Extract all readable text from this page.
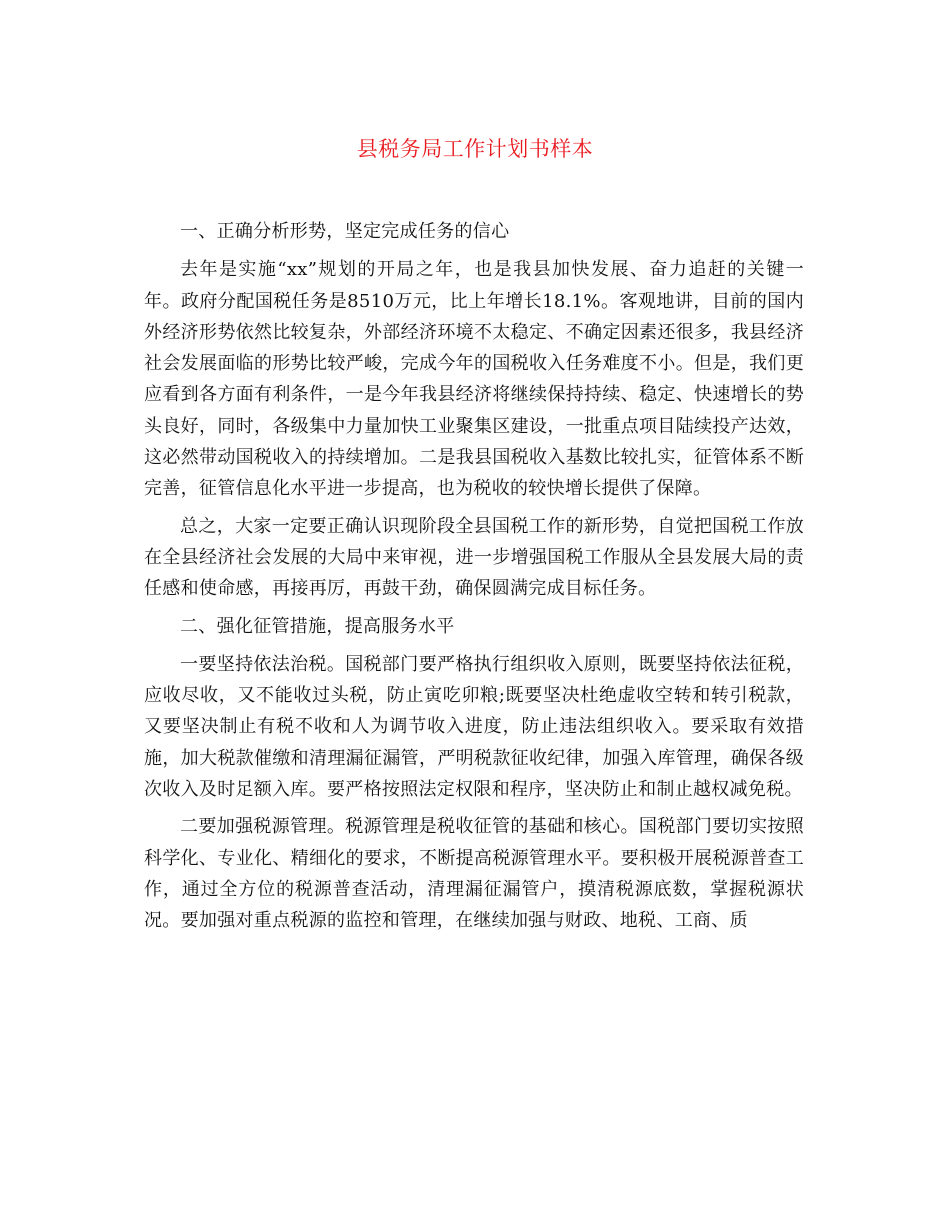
县税务局工作计划书样本

一、正确分析形势，坚定完成任务的信心

去年是实施“xx”规划的开局之年，也是我县加快发展、奋力追赶的关键一年。政府分配国税任务是8510万元，比上年增长18.1%。客观地讲，目前的国内外经济形势依然比较复杂，外部经济环境不太稳定、不确定因素还很多，我县经济社会发展面临的形势比较严峻，完成今年的国税收入任务难度不小。但是，我们更应看到各方面有利条件，一是今年我县经济将继续保持持续、稳定、快速增长的势头良好，同时，各级集中力量加快工业聚集区建设，一批重点项目陆续投产达效，这必然带动国税收入的持续增加。二是我县国税收入基数比较扎实，征管体系不断完善，征管信息化水平进一步提高，也为税收的较快增长提供了保障。

总之，大家一定要正确认识现阶段全县国税工作的新形势，自觉把国税工作放在全县经济社会发展的大局中来审视，进一步增强国税工作服从全县发展大局的责任感和使命感，再接再厉，再鼓干劲，确保圆满完成目标任务。

二、强化征管措施，提高服务水平

一要坚持依法治税。国税部门要严格执行组织收入原则，既要坚持依法征税，应收尽收，又不能收过头税，防止寅吃卯粮;既要坚决杜绝虚收空转和转引税款，又要坚决制止有税不收和人为调节收入进度，防止违法组织收入。要采取有效措施，加大税款催缴和清理漏征漏管，严明税款征收纪律，加强入库管理，确保各级次收入及时足额入库。要严格按照法定权限和程序，坚决防止和制止越权减免税。

二要加强税源管理。税源管理是税收征管的基础和核心。国税部门要切实按照科学化、专业化、精细化的要求，不断提高税源管理水平。要积极开展税源普查工作，通过全方位的税源普查活动，清理漏征漏管户，摸清税源底数，掌握税源状况。要加强对重点税源的监控和管理，在继续加强与财政、地税、工商、质
